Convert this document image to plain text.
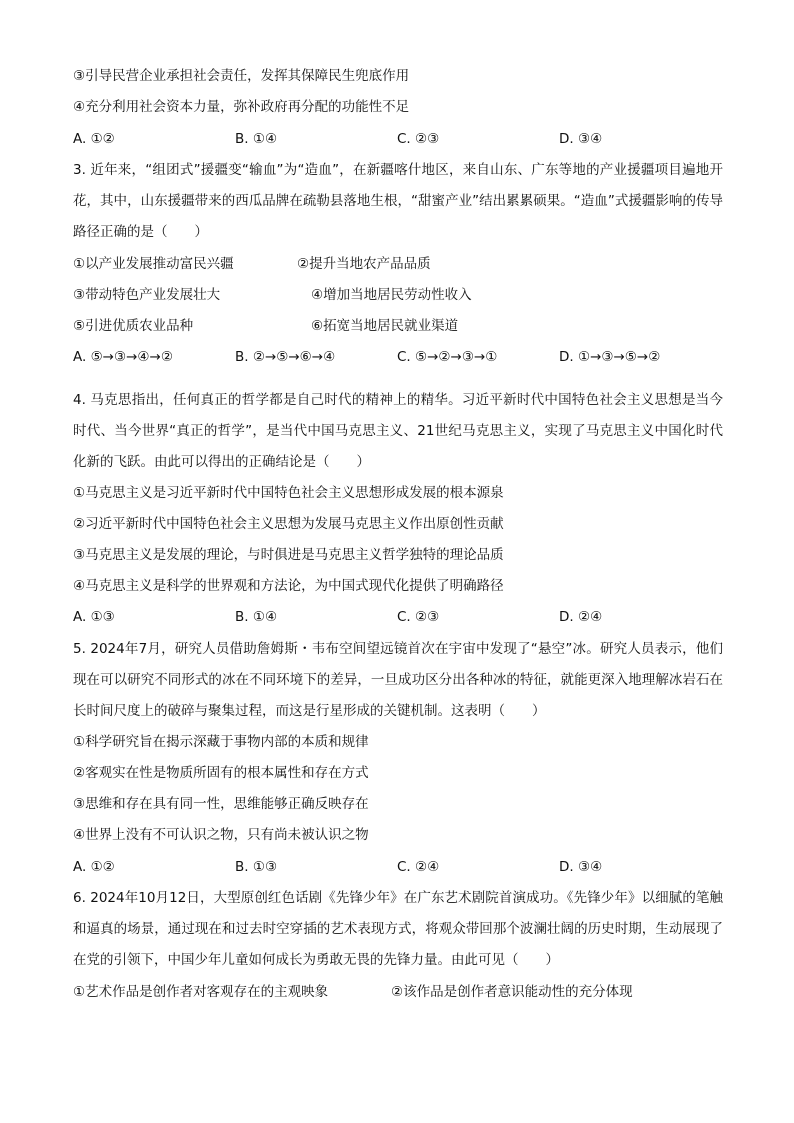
③引导民营企业承担社会责任，发挥其保障民生兜底作用
④充分利用社会资本力量，弥补政府再分配的功能性不足
A. ①②	B. ①④	C. ②③	D. ③④
3. 近年来，“组团式”援疆变“输血”为“造血”，在新疆喀什地区，来自山东、广东等地的产业援疆项目遍地开花，其中，山东援疆带来的西瓜品牌在疏勒县落地生根，“甜蜜产业”结出累累硕果。“造血”式援疆影响的传导路径正确的是（　　）
①以产业发展推动富民兴疆	②提升当地农产品品质
③带动特色产业发展壮大	④增加当地居民劳动性收入
⑤引进优质农业品种	⑥拓宽当地居民就业渠道
A. ⑤→③→④→②	B. ②→⑤→⑥→④	C. ⑤→②→③→①	D. ①→③→⑤→②
4. 马克思指出，任何真正的哲学都是自己时代的精神上的精华。习近平新时代中国特色社会主义思想是当今时代、当今世界“真正的哲学”，是当代中国马克思主义、21世纪马克思主义，实现了马克思主义中国化时代化新的飞跃。由此可以得出的正确结论是（　　）
①马克思主义是习近平新时代中国特色社会主义思想形成发展的根本源泉
②习近平新时代中国特色社会主义思想为发展马克思主义作出原创性贡献
③马克思主义是发展的理论，与时俱进是马克思主义哲学独特的理论品质
④马克思主义是科学的世界观和方法论，为中国式现代化提供了明确路径
A. ①③	B. ①④	C. ②③	D. ②④
5. 2024年7月，研究人员借助詹姆斯・韦布空间望远镜首次在宇宙中发现了“悬空”冰。研究人员表示，他们现在可以研究不同形式的冰在不同环境下的差异，一旦成功区分出各种冰的特征，就能更深入地理解冰岩石在长时间尺度上的破碎与聚集过程，而这是行星形成的关键机制。这表明（　　）
①科学研究旨在揭示深藏于事物内部的本质和规律
②客观实在性是物质所固有的根本属性和存在方式
③思维和存在具有同一性，思维能够正确反映存在
④世界上没有不可认识之物，只有尚未被认识之物
A. ①②	B. ①③	C. ②④	D. ③④
6. 2024年10月12日，大型原创红色话剧《先锋少年》在广东艺术剧院首演成功。《先锋少年》以细腻的笔触和逼真的场景，通过现在和过去时空穿插的艺术表现方式，将观众带回那个波澜壮阔的历史时期，生动展现了在党的引领下，中国少年儿童如何成长为勇敢无畏的先锋力量。由此可见（　　）
①艺术作品是创作者对客观存在的主观映象	②该作品是创作者意识能动性的充分体现
